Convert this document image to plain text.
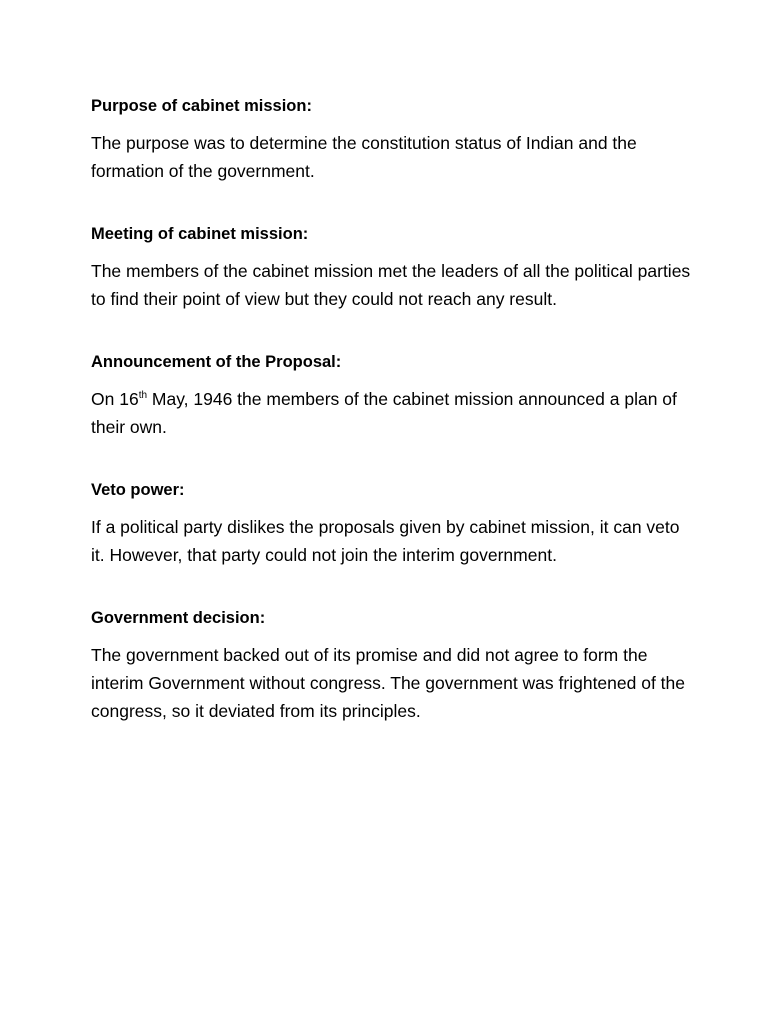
Purpose of cabinet mission:

The purpose was to determine the constitution status of Indian and the formation of the government.

Meeting of cabinet mission:

The members of the cabinet mission met the leaders of all the political parties to find their point of view but they could not reach any result.

Announcement of the Proposal:

On 16th May, 1946 the members of the cabinet mission announced a plan of their own.

Veto power:

If a political party dislikes the proposals given by cabinet mission, it can veto it. However, that party could not join the interim government.

Government decision:

The government backed out of its promise and did not agree to form the interim Government without congress. The government was frightened of the congress, so it deviated from its principles.
